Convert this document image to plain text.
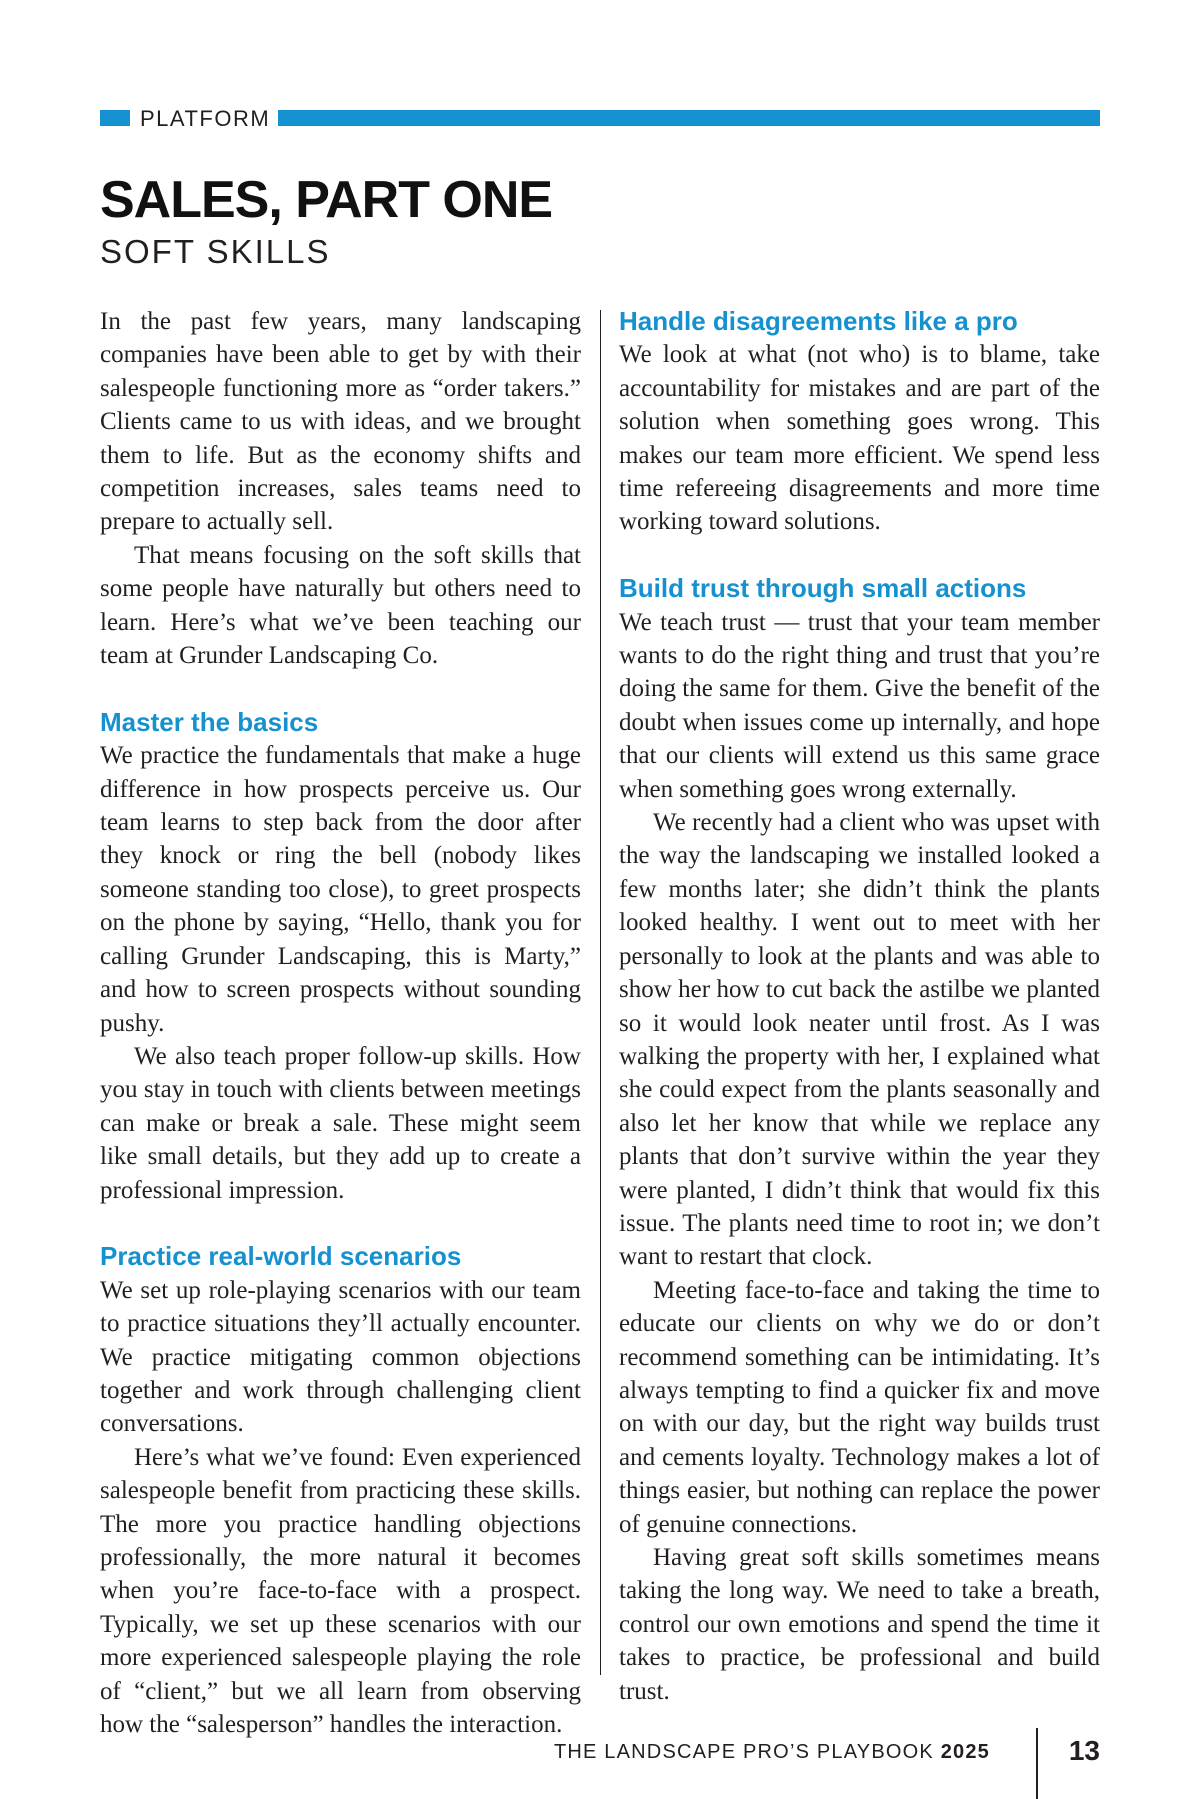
PLATFORM
SALES, PART ONE
SOFT SKILLS

In the past few years, many landscaping companies have been able to get by with their salespeople functioning more as “order takers.” Clients came to us with ideas, and we brought them to life. But as the economy shifts and competition increases, sales teams need to prepare to actually sell.

That means focusing on the soft skills that some people have naturally but others need to learn. Here’s what we’ve been teaching our team at Grunder Landscaping Co.

Master the basics

We practice the fundamentals that make a huge difference in how prospects perceive us. Our team learns to step back from the door after they knock or ring the bell (nobody likes someone standing too close), to greet prospects on the phone by saying, “Hello, thank you for calling Grunder Landscaping, this is Marty,” and how to screen prospects without sounding pushy.

We also teach proper follow-up skills. How you stay in touch with clients between meetings can make or break a sale. These might seem like small details, but they add up to create a professional impression.

Practice real-world scenarios

We set up role-playing scenarios with our team to practice situations they’ll actually encounter. We practice mitigating common objections together and work through challenging client conversations.

Here’s what we’ve found: Even experienced salespeople benefit from practicing these skills. The more you practice handling objections professionally, the more natural it becomes when you’re face-to-face with a prospect. Typically, we set up these scenarios with our more experienced salespeople playing the role of “client,” but we all learn from observing how the “salesperson” handles the interaction.

Handle disagreements like a pro

We look at what (not who) is to blame, take accountability for mistakes and are part of the solution when something goes wrong. This makes our team more efficient. We spend less time refereeing disagreements and more time working toward solutions.

Build trust through small actions

We teach trust — trust that your team member wants to do the right thing and trust that you’re doing the same for them. Give the benefit of the doubt when issues come up internally, and hope that our clients will extend us this same grace when something goes wrong externally.

We recently had a client who was upset with the way the landscaping we installed looked a few months later; she didn’t think the plants looked healthy. I went out to meet with her personally to look at the plants and was able to show her how to cut back the astilbe we planted so it would look neater until frost. As I was walking the property with her, I explained what she could expect from the plants seasonally and also let her know that while we replace any plants that don’t survive within the year they were planted, I didn’t think that would fix this issue. The plants need time to root in; we don’t want to restart that clock.

Meeting face-to-face and taking the time to educate our clients on why we do or don’t recommend something can be intimidating. It’s always tempting to find a quicker fix and move on with our day, but the right way builds trust and cements loyalty. Technology makes a lot of things easier, but nothing can replace the power of genuine connections.

Having great soft skills sometimes means taking the long way. We need to take a breath, control our own emotions and spend the time it takes to practice, be professional and build trust.

THE LANDSCAPE PRO’S PLAYBOOK 2025	13
